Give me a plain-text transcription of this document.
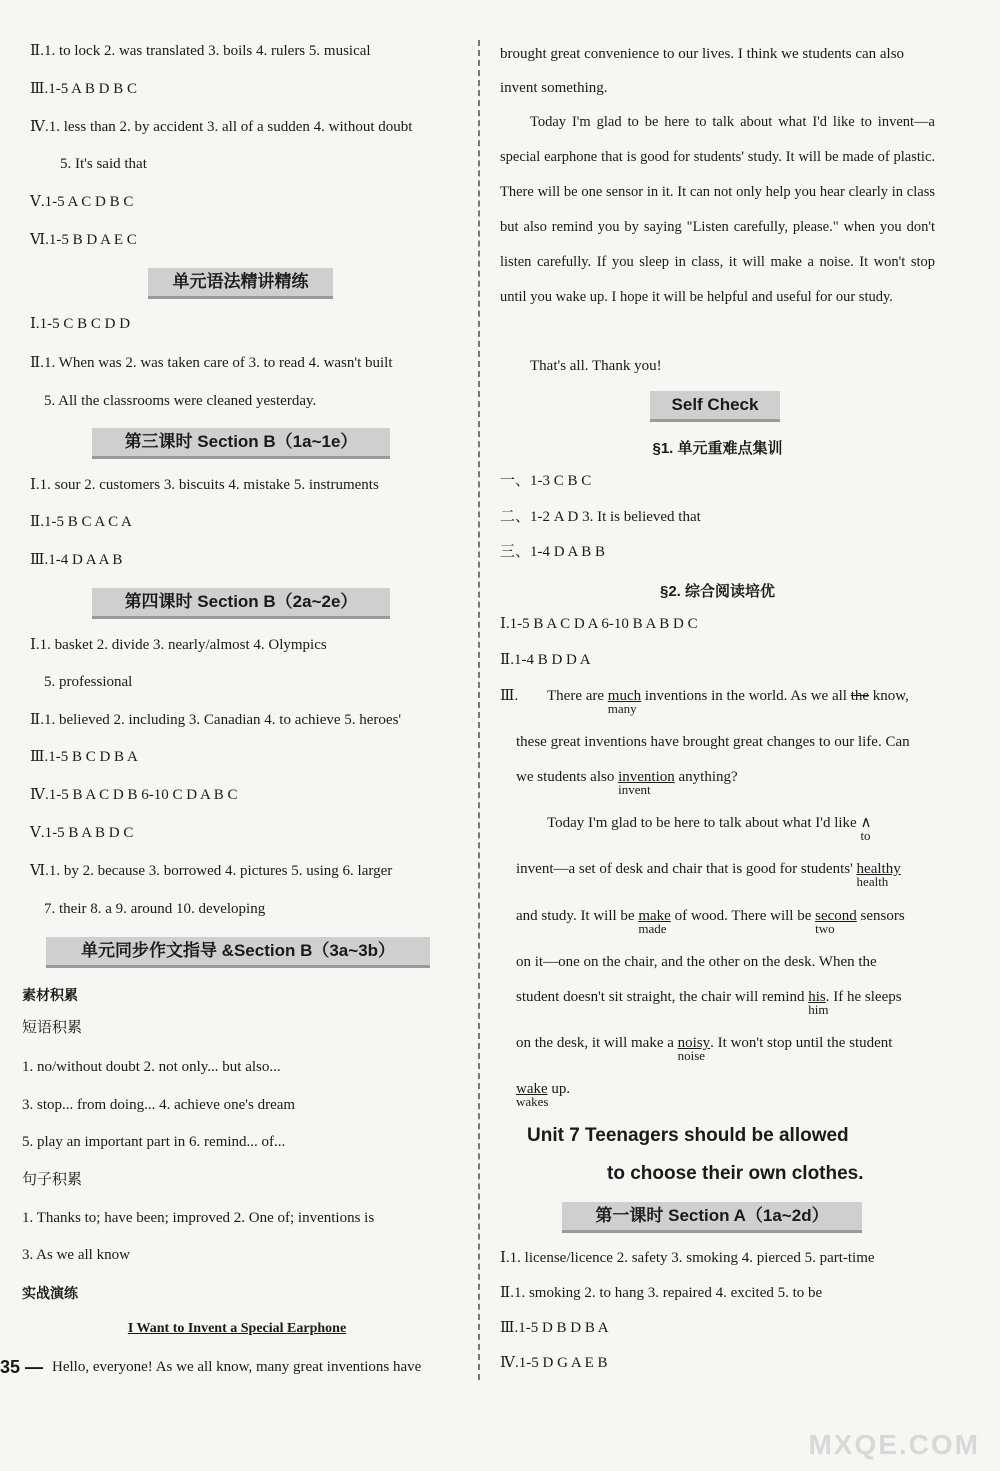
Ⅱ.1. to lock 2. was translated 3. boils 4. rulers 5. musical
Ⅲ.1-5 A B D B C
Ⅳ.1. less than 2. by accident 3. all of a sudden 4. without doubt
5. It's said that
Ⅴ.1-5 A C D B C
Ⅵ.1-5 B D A E C
单元语法精讲精练
Ⅰ.1-5 C B C D D
Ⅱ.1. When was 2. was taken care of 3. to read 4. wasn't built
5. All the classrooms were cleaned yesterday.
第三课时 Section B（1a~1e）
Ⅰ.1. sour 2. customers 3. biscuits 4. mistake 5. instruments
Ⅱ.1-5 B C A C A
Ⅲ.1-4 D A A B
第四课时 Section B（2a~2e）
Ⅰ.1. basket 2. divide 3. nearly/almost 4. Olympics
5. professional
Ⅱ.1. believed 2. including 3. Canadian 4. to achieve 5. heroes'
Ⅲ.1-5 B C D B A
Ⅳ.1-5 B A C D B 6-10 C D A B C
Ⅴ.1-5 B A B D C
Ⅵ.1. by 2. because 3. borrowed 4. pictures 5. using 6. larger
7. their 8. a 9. around 10. developing
单元同步作文指导 &Section B（3a~3b）
素材积累
短语积累
1. no/without doubt 2. not only... but also...
3. stop... from doing... 4. achieve one's dream
5. play an important part in 6. remind... of...
句子积累
1. Thanks to; have been; improved 2. One of; inventions is
3. As we all know
实战演练
I Want to Invent a Special Earphone
Hello, everyone! As we all know, many great inventions have
brought great convenience to our lives. I think we students can also
invent something.
Today I'm glad to be here to talk about what I'd like to invent—a special earphone that is good for students' study. It will be made of plastic. There will be one sensor in it. It can not only help you hear clearly in class but also remind you by saying "Listen carefully, please." when you don't listen carefully. If you sleep in class, it will make a noise. It won't stop until you wake up. I hope it will be helpful and useful for our study.
That's all. Thank you!
Self Check
§1. 单元重难点集训
一、1-3 C B C
二、1-2 A D 3. It is believed that
三、1-4 D A B B
§2. 综合阅读培优
Ⅰ.1-5 B A C D A 6-10 B A B D C
Ⅱ.1-4 B D D A
Ⅲ. There are much
many
inventions in the world. As we all the know,
these great inventions have brought great changes to our life. Can
we students also invention
invent
anything?
Today I'm glad to be here to talk about what I'd like ∧
to
invent—a set of desk and chair that is good for students' healthy
health
and study. It will be make
made
of wood. There will be second
two
sensors
on it—one on the chair, and the other on the desk. When the
student doesn't sit straight, the chair will remind his
him
. If he sleeps
on the desk, it will make a noisy
noise
. It won't stop until the student
wake
wakes
up.
Unit 7 Teenagers should be allowed
to choose their own clothes.
第一课时 Section A（1a~2d）
Ⅰ.1. license/licence 2. safety 3. smoking 4. pierced 5. part-time
Ⅱ.1. smoking 2. to hang 3. repaired 4. excited 5. to be
Ⅲ.1-5 D B D B A
Ⅳ.1-5 D G A E B
35 —
MXQE.COM
